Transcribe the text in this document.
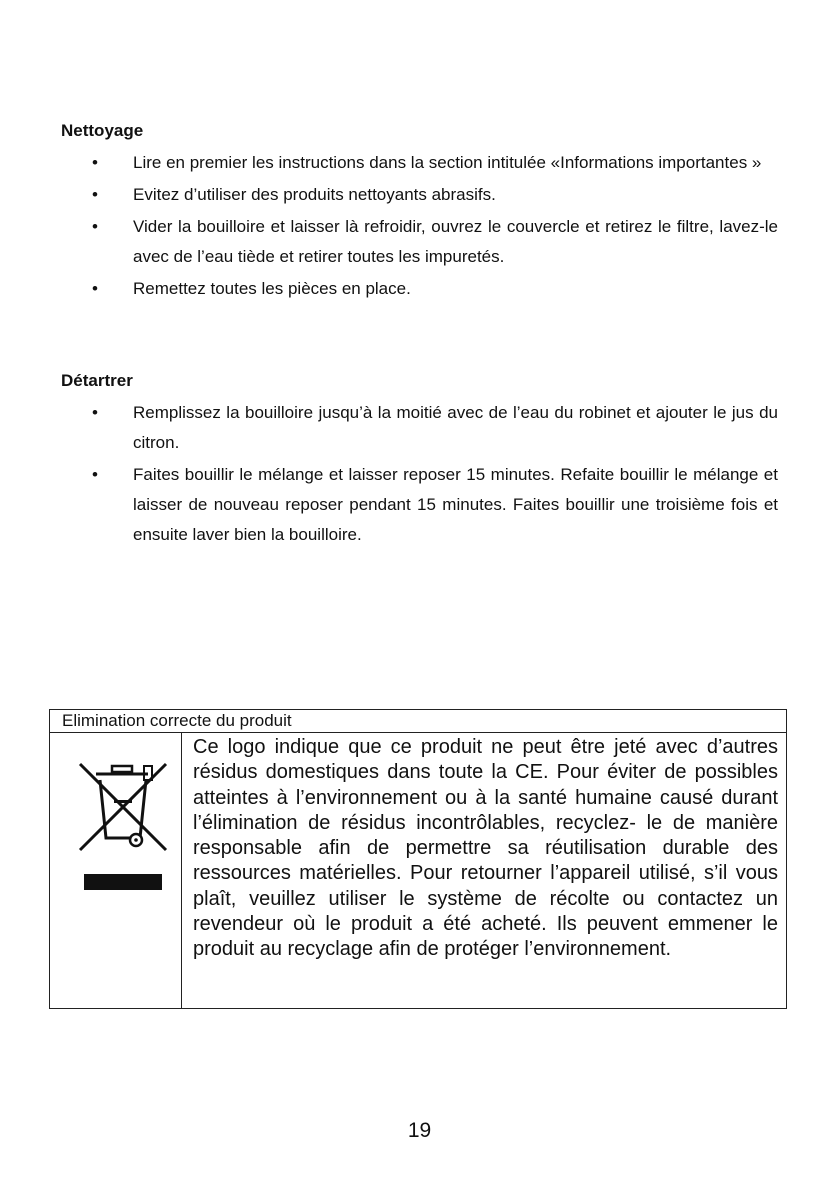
Nettoyage
• Lire en premier les instructions dans la section intitulée «Informations importantes »
• Evitez d’utiliser des produits nettoyants abrasifs.
• Vider la bouilloire et laisser là refroidir, ouvrez le couvercle et retirez le filtre, lavez-le avec de l’eau tiède et retirer toutes les impuretés.
• Remettez toutes les pièces en place.
Détartrer
• Remplissez la bouilloire jusqu’à la moitié avec de l’eau du robinet et ajouter le jus du citron.
• Faites bouillir le mélange et laisser reposer 15 minutes. Refaite bouillir le mélange et laisser de nouveau reposer pendant 15 minutes. Faites bouillir une troisième fois et ensuite laver bien la bouilloire.
Elimination correcte du produit

Ce logo indique que ce produit ne peut être jeté avec d’autres résidus domestiques dans toute la CE. Pour éviter de possibles atteintes à l’environnement ou à la santé humaine causé durant l’élimination de résidus incontrôlables, recyclez- le de manière responsable afin de permettre sa réutilisation durable des ressources matérielles. Pour retourner l’appareil utilisé, s’il vous plaît, veuillez utiliser le système de récolte ou contactez un revendeur où le produit a été acheté. Ils peuvent emmener le produit au recyclage afin de protéger l’environnement.

19
